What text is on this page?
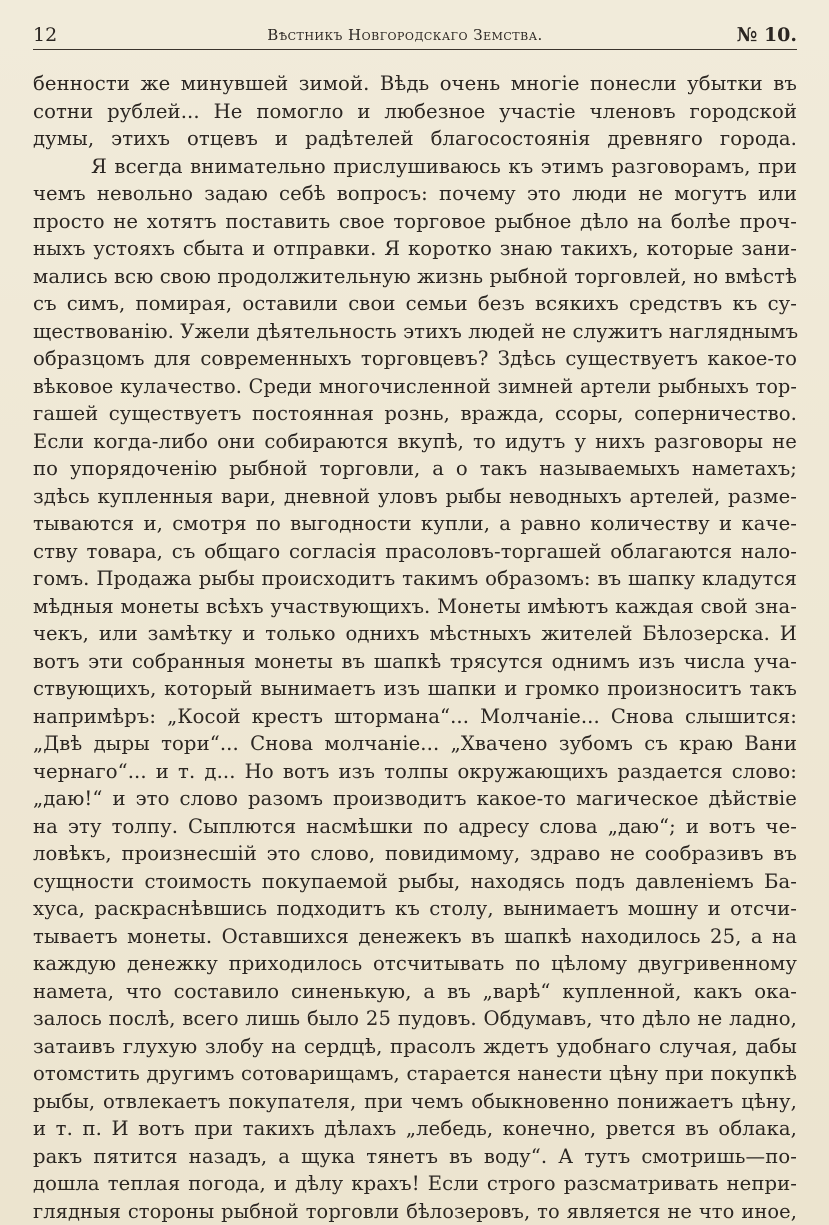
12	Вѣстникъ Новгородскаго Земства.	№ 10.
бенности же минувшей зимой. Вѣдь очень многіе понесли убытки въ
сотни рублей... Не помогло и любезное участіе членовъ городской
думы, этихъ отцевъ и радѣтелей благосостоянія древняго города.
Я всегда внимательно прислушиваюсь къ этимъ разговорамъ, при
чемъ невольно задаю себѣ вопросъ: почему это люди не могутъ или
просто не хотятъ поставить свое торговое рыбное дѣло на болѣе проч-
ныхъ устояхъ сбыта и отправки. Я коротко знаю такихъ, которые зани-
мались всю свою продолжительную жизнь рыбной торговлей, но вмѣстѣ
съ симъ, помирая, оставили свои семьи безъ всякихъ средствъ къ су-
ществованію. Ужели дѣятельность этихъ людей не служитъ нагляднымъ
образцомъ для современныхъ торговцевъ? Здѣсь существуетъ какое-то
вѣковое кулачество. Среди многочисленной зимней артели рыбныхъ тор-
гашей существуетъ постоянная рознь, вражда, ссоры, соперничество.
Если когда-либо они собираются вкупѣ, то идутъ у нихъ разговоры не
по упорядоченію рыбной торговли, а о такъ называемыхъ наметахъ;
здѣсь купленныя вари, дневной уловъ рыбы неводныхъ артелей, разме-
тываются и, смотря по выгодности купли, а равно количеству и каче-
ству товара, съ общаго согласія прасоловъ-торгашей облагаются нало-
гомъ. Продажа рыбы происходитъ такимъ образомъ: въ шапку кладутся
мѣдныя монеты всѣхъ участвующихъ. Монеты имѣютъ каждая свой зна-
чекъ, или замѣтку и только однихъ мѣстныхъ жителей Бѣлозерска. И
вотъ эти собранныя монеты въ шапкѣ трясутся однимъ изъ числа уча-
ствующихъ, который вынимаетъ изъ шапки и громко произноситъ такъ
напримѣръ: „Косой крестъ штормана“... Молчаніе... Снова слышится:
„Двѣ дыры тори“... Снова молчаніе... „Хвачено зубомъ съ краю Вани
чернаго“... и т. д... Но вотъ изъ толпы окружающихъ раздается слово:
„даю!“ и это слово разомъ производитъ какое-то магическое дѣйствіе
на эту толпу. Сыплются насмѣшки по адресу слова „даю“; и вотъ че-
ловѣкъ, произнесшій это слово, повидимому, здраво не сообразивъ въ
сущности стоимость покупаемой рыбы, находясь подъ давленіемъ Ба-
хуса, раскраснѣвшись подходитъ къ столу, вынимаетъ мошну и отсчи-
тываетъ монеты. Оставшихся денежекъ въ шапкѣ находилось 25, а на
каждую денежку приходилось отсчитывать по цѣлому двугривенному
намета, что составило синенькую, а въ „варѣ“ купленной, какъ ока-
залось послѣ, всего лишь было 25 пудовъ. Обдумавъ, что дѣло не ладно,
затаивъ глухую злобу на сердцѣ, прасолъ ждетъ удобнаго случая, дабы
отомстить другимъ сотоварищамъ, старается нанести цѣну при покупкѣ
рыбы, отвлекаетъ покупателя, при чемъ обыкновенно понижаетъ цѣну,
и т. п. И вотъ при такихъ дѣлахъ „лебедь, конечно, рвется въ облака,
ракъ пятится назадъ, а щука тянетъ въ воду“. А тутъ смотришь—по-
дошла теплая погода, и дѣлу крахъ! Если строго разсматривать непри-
глядныя стороны рыбной торговли бѣлозеровъ, то является не что иное,
